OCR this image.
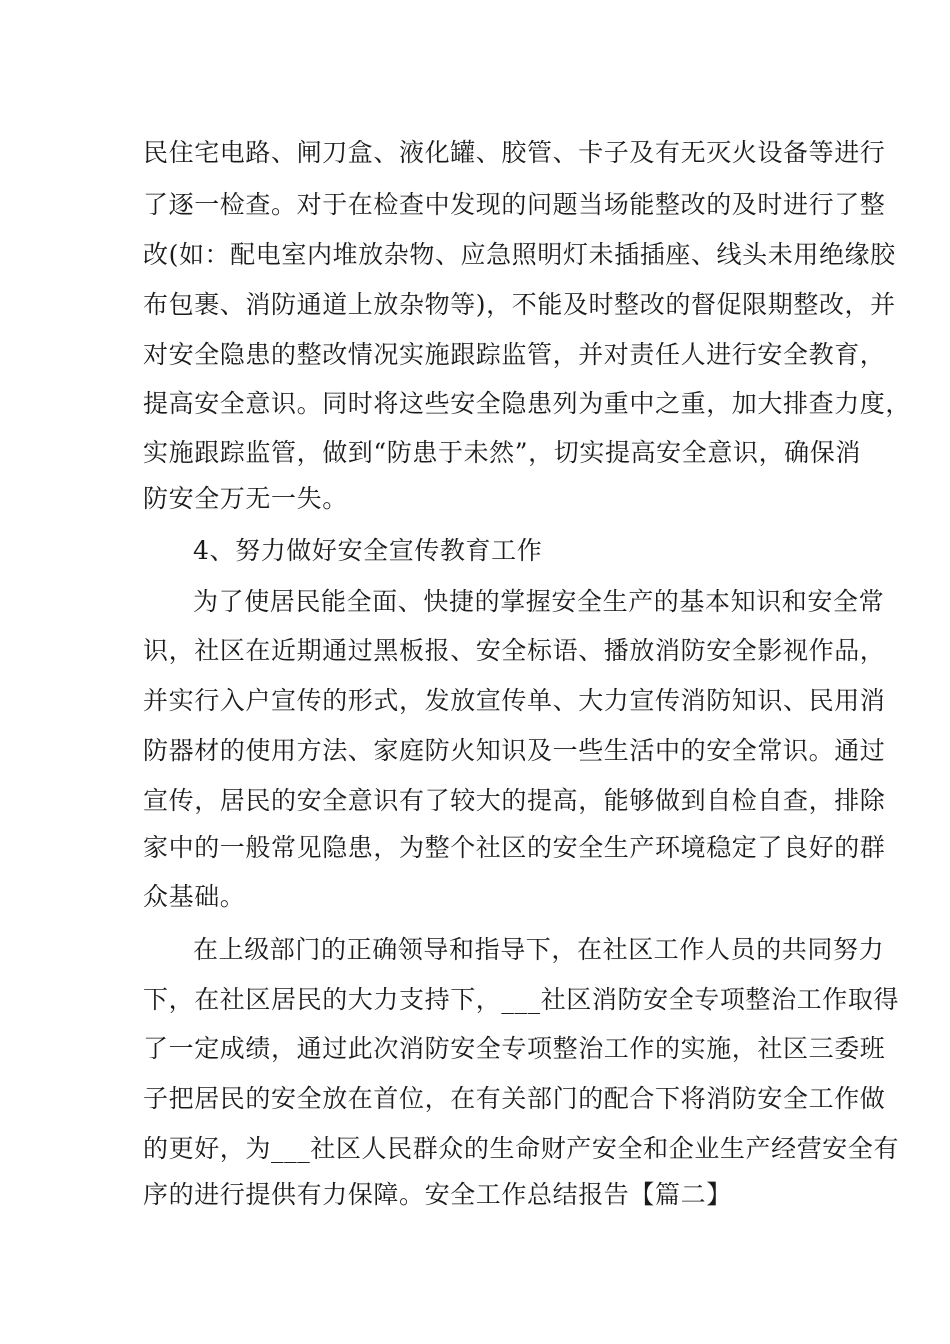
民住宅电路、闸刀盒、液化罐、胶管、卡子及有无灭火设备等进行
了逐一检查。对于在检查中发现的问题当场能整改的及时进行了整
改(如：配电室内堆放杂物、应急照明灯未插插座、线头未用绝缘胶
布包裹、消防通道上放杂物等)，不能及时整改的督促限期整改，并
对安全隐患的整改情况实施跟踪监管，并对责任人进行安全教育，
提高安全意识。同时将这些安全隐患列为重中之重，加大排查力度，
实施跟踪监管，做到“防患于未然”，切实提高安全意识，确保消
防安全万无一失。
4、努力做好安全宣传教育工作
为了使居民能全面、快捷的掌握安全生产的基本知识和安全常
识，社区在近期通过黑板报、安全标语、播放消防安全影视作品，
并实行入户宣传的形式，发放宣传单、大力宣传消防知识、民用消
防器材的使用方法、家庭防火知识及一些生活中的安全常识。通过
宣传，居民的安全意识有了较大的提高，能够做到自检自查，排除
家中的一般常见隐患，为整个社区的安全生产环境稳定了良好的群
众基础。
在上级部门的正确领导和指导下，在社区工作人员的共同努力
下，在社区居民的大力支持下，___社区消防安全专项整治工作取得
了一定成绩，通过此次消防安全专项整治工作的实施，社区三委班
子把居民的安全放在首位，在有关部门的配合下将消防安全工作做
的更好，为___社区人民群众的生命财产安全和企业生产经营安全有
序的进行提供有力保障。安全工作总结报告【篇二】
